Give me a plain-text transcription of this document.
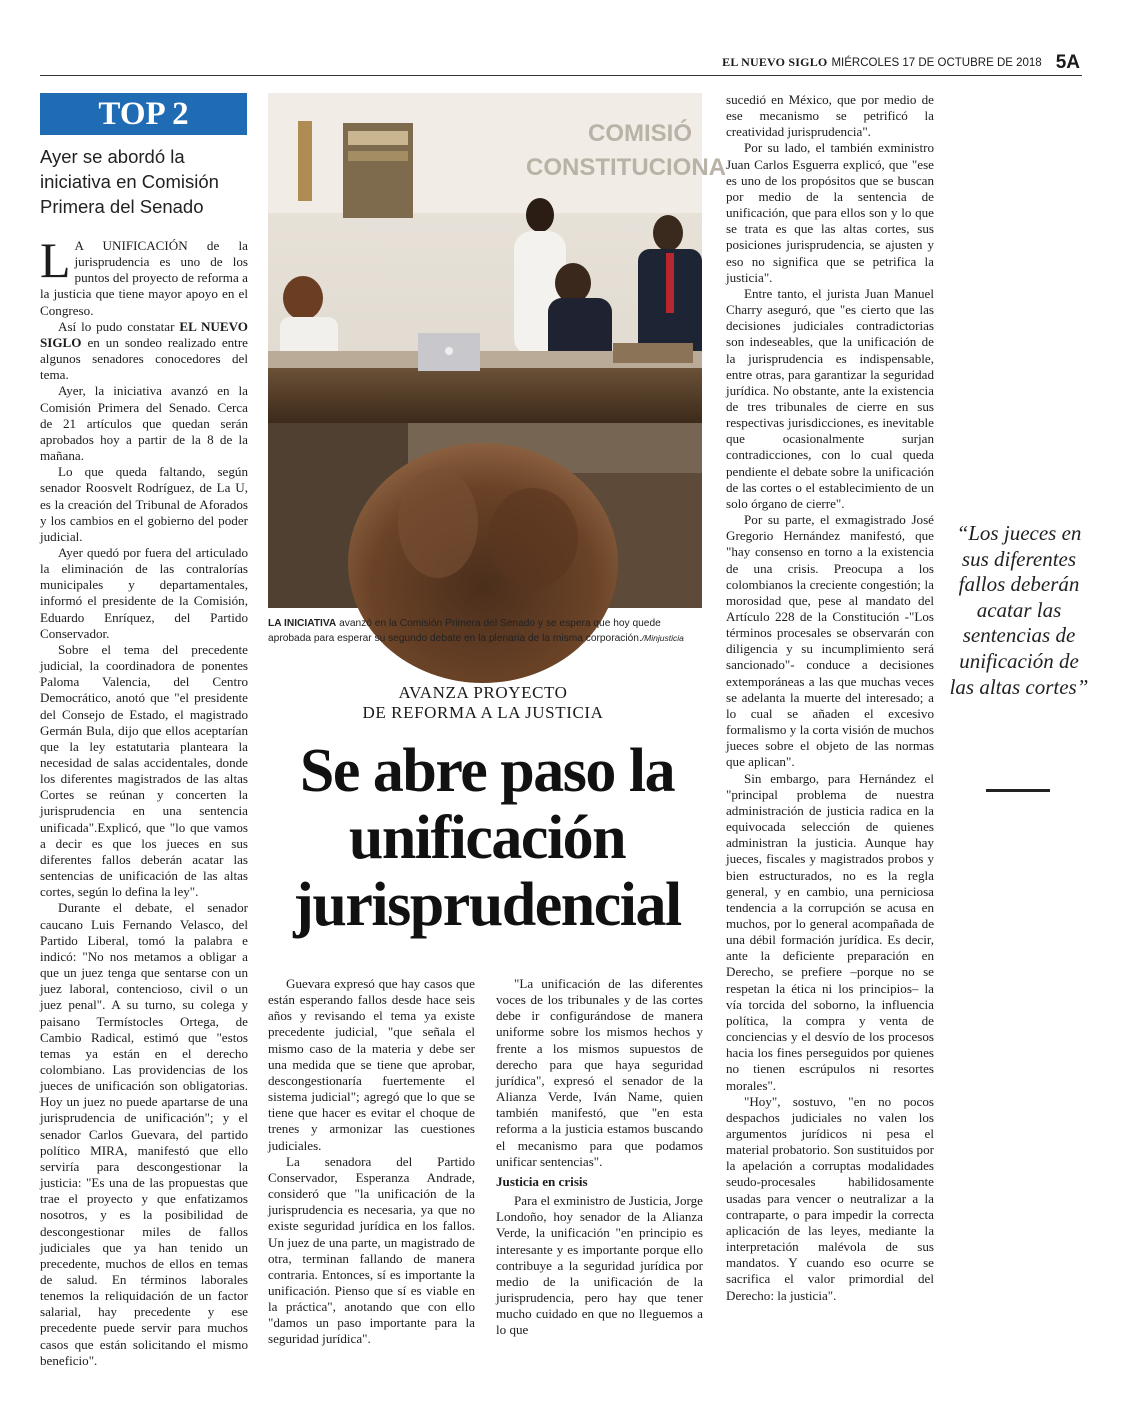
EL NUEVO SIGLO MIÉRCOLES 17 DE OCTUBRE DE 2018 5A
TOP 2
Ayer se abordó la iniciativa en Comisión Primera del Senado

L A UNIFICACIÓN de la jurisprudencia es uno de los puntos del proyecto de reforma a la justicia que tiene mayor apoyo en el Congreso.

Así lo pudo constatar EL NUEVO SIGLO en un sondeo realizado entre algunos senadores conocedores del tema.

Ayer, la iniciativa avanzó en la Comisión Primera del Senado. Cerca de 21 artículos que quedan serán aprobados hoy a partir de la 8 de la mañana.

Lo que queda faltando, según senador Roosvelt Rodríguez, de La U, es la creación del Tribunal de Aforados y los cambios en el gobierno del poder judicial.

Ayer quedó por fuera del articulado la eliminación de las contralorías municipales y departamentales, informó el presidente de la Comisión, Eduardo Enríquez, del Partido Conservador.

Sobre el tema del precedente judicial, la coordinadora de ponentes Paloma Valencia, del Centro Democrático, anotó que "el presidente del Consejo de Estado, el magistrado Germán Bula, dijo que ellos aceptarían que la ley estatutaria planteara la necesidad de salas accidentales, donde los diferentes magistrados de las altas Cortes se reúnan y concerten la jurisprudencia en una sentencia unificada".Explicó, que "lo que vamos a decir es que los jueces en sus diferentes fallos deberán acatar las sentencias de unificación de las altas cortes, según lo defina la ley".

Durante el debate, el senador caucano Luis Fernando Velasco, del Partido Liberal, tomó la palabra e indicó: "No nos metamos a obligar a que un juez tenga que sentarse con un juez laboral, contencioso, civil o un juez penal". A su turno, su colega y paisano Termístocles Ortega, de Cambio Radical, estimó que "estos temas ya están en el derecho colombiano. Las providencias de los jueces de unificación son obligatorias. Hoy un juez no puede apartarse de una jurisprudencia de unificación"; y el senador Carlos Guevara, del partido político MIRA, manifestó que ello serviría para descongestionar la justicia: "Es una de las propuestas que trae el proyecto y que enfatizamos nosotros, y es la posibilidad de descongestionar miles de fallos judiciales que ya han tenido un precedente, muchos de ellos en temas de salud. En términos laborales tenemos la reliquidación de un factor salarial, hay precedente y ese precedente puede servir para muchos casos que están solicitando el mismo beneficio".

COMISIÓ
CONSTITUCIONA
LA INICIATIVA avanzó en la Comisión Primera del Senado y se espera que hoy quede aprobada para esperar su segundo debate en la plenaria de la misma corporación./Minjusticia
AVANZA PROYECTO
DE REFORMA A LA JUSTICIA
Se abre paso la
unificación
jurisprudencial

Guevara expresó que hay casos que están esperando fallos desde hace seis años y revisando el tema ya existe precedente judicial, "que señala el mismo caso de la materia y debe ser una medida que se tiene que aprobar, descongestionaría fuertemente el sistema judicial"; agregó que lo que se tiene que hacer es evitar el choque de trenes y armonizar las cuestiones judiciales.

La senadora del Partido Conservador, Esperanza Andrade, consideró que "la unificación de la jurisprudencia es necesaria, ya que no existe seguridad jurídica en los fallos. Un juez de una parte, un magistrado de otra, terminan fallando de manera contraria. Entonces, sí es importante la unificación. Pienso que sí es viable en la práctica", anotando que con ello "damos un paso importante para la seguridad jurídica".

"La unificación de las diferentes voces de los tribunales y de las cortes debe ir configurándose de manera uniforme sobre los mismos hechos y frente a los mismos supuestos de derecho para que haya seguridad jurídica", expresó el senador de la Alianza Verde, Iván Name, quien también manifestó, que "en esta reforma a la justicia estamos buscando el mecanismo para que podamos unificar sentencias".

Justicia en crisis

Para el exministro de Justicia, Jorge Londoño, hoy senador de la Alianza Verde, la unificación "en principio es interesante y es importante porque ello contribuye a la seguridad jurídica por medio de la unificación de la jurisprudencia, pero hay que tener mucho cuidado en que no lleguemos a lo que

sucedió en México, que por medio de ese mecanismo se petrificó la creatividad jurisprudencia".

Por su lado, el también exministro Juan Carlos Esguerra explicó, que "ese es uno de los propósitos que se buscan por medio de la sentencia de unificación, que para ellos son y lo que se trata es que las altas cortes, sus posiciones jurisprudencia, se ajusten y eso no significa que se petrifica la justicia".

Entre tanto, el jurista Juan Manuel Charry aseguró, que "es cierto que las decisiones judiciales contradictorias son indeseables, que la unificación de la jurisprudencia es indispensable, entre otras, para garantizar la seguridad jurídica. No obstante, ante la existencia de tres tribunales de cierre en sus respectivas jurisdicciones, es inevitable que ocasionalmente surjan contradicciones, con lo cual queda pendiente el debate sobre la unificación de las cortes o el establecimiento de un solo órgano de cierre".

Por su parte, el exmagistrado José Gregorio Hernández manifestó, que "hay consenso en torno a la existencia de una crisis. Preocupa a los colombianos la creciente congestión; la morosidad que, pese al mandato del Artículo 228 de la Constitución -"Los términos procesales se observarán con diligencia y su incumplimiento será sancionado"- conduce a decisiones extemporáneas a las que muchas veces se adelanta la muerte del interesado; a lo cual se añaden el excesivo formalismo y la corta visión de muchos jueces sobre el objeto de las normas que aplican".

Sin embargo, para Hernández el "principal problema de nuestra administración de justicia radica en la equivocada selección de quienes administran la justicia. Aunque hay jueces, fiscales y magistrados probos y bien estructurados, no es la regla general, y en cambio, una perniciosa tendencia a la corrupción se acusa en muchos, por lo general acompañada de una débil formación jurídica. Es decir, ante la deficiente preparación en Derecho, se prefiere –porque no se respetan la ética ni los principios– la vía torcida del soborno, la influencia política, la compra y venta de conciencias y el desvío de los procesos hacia los fines perseguidos por quienes no tienen escrúpulos ni resortes morales".

"Hoy", sostuvo, "en no pocos despachos judiciales no valen los argumentos jurídicos ni pesa el material probatorio. Son sustituidos por la apelación a corruptas modalidades seudo-procesales habilidosamente usadas para vencer o neutralizar a la contraparte, o para impedir la correcta aplicación de las leyes, mediante la interpretación malévola de sus mandatos. Y cuando eso ocurre se sacrifica el valor primordial del Derecho: la justicia".

“Los jueces en sus diferentes fallos deberán acatar las sentencias de unificación de las altas cortes”
